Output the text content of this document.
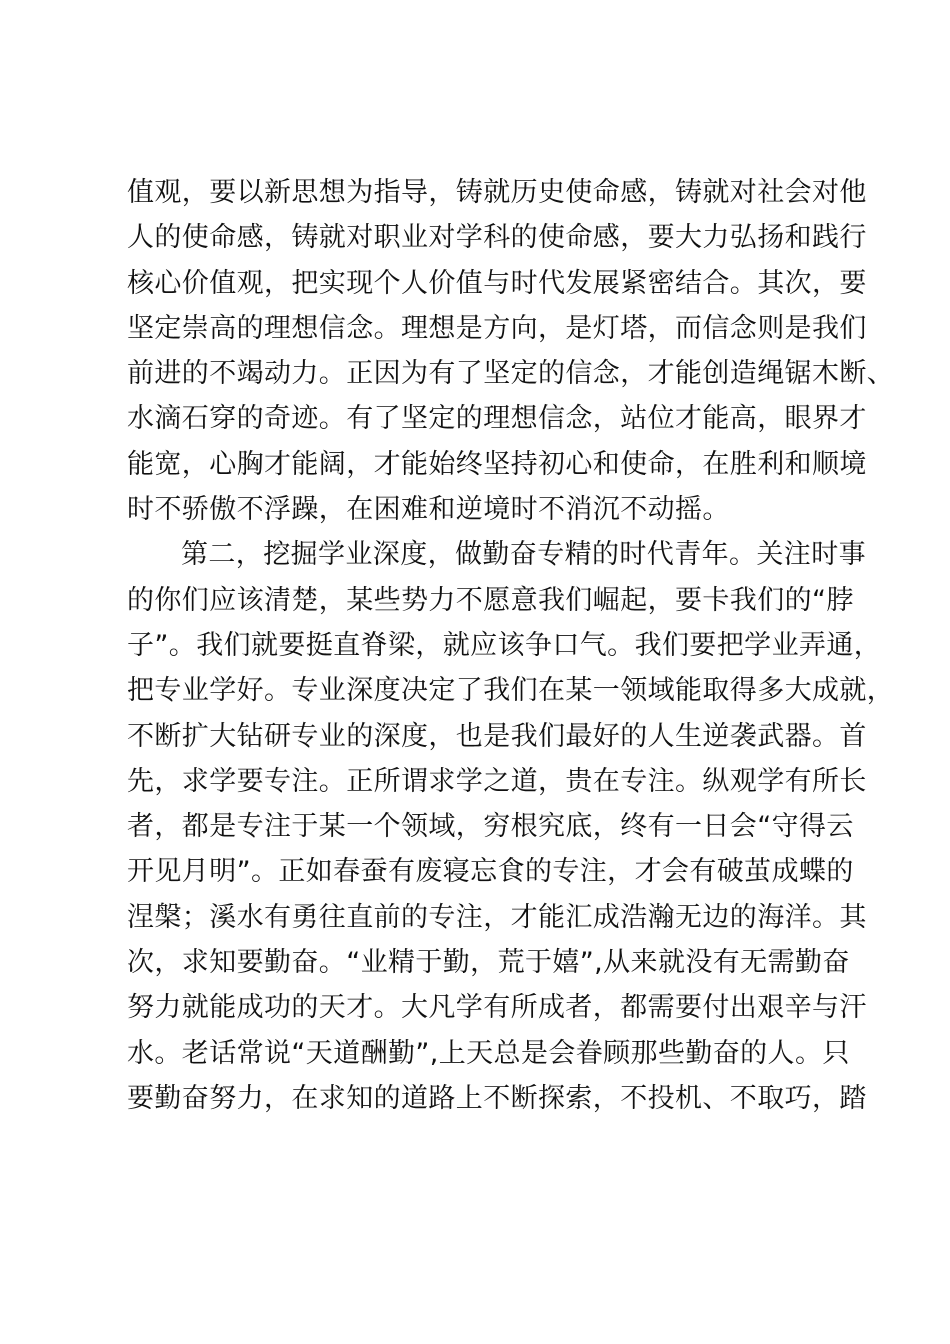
值观，要以新思想为指导，铸就历史使命感，铸就对社会对他
人的使命感，铸就对职业对学科的使命感，要大力弘扬和践行
核心价值观，把实现个人价值与时代发展紧密结合。其次，要
坚定崇高的理想信念。理想是方向，是灯塔，而信念则是我们
前进的不竭动力。正因为有了坚定的信念，才能创造绳锯木断、
水滴石穿的奇迹。有了坚定的理想信念，站位才能高，眼界才
能宽，心胸才能阔，才能始终坚持初心和使命，在胜利和顺境
时不骄傲不浮躁，在困难和逆境时不消沉不动摇。
第二，挖掘学业深度，做勤奋专精的时代青年。关注时事
的你们应该清楚，某些势力不愿意我们崛起，要卡我们的“脖
子”。我们就要挺直脊梁，就应该争口气。我们要把学业弄通，
把专业学好。专业深度决定了我们在某一领域能取得多大成就，
不断扩大钻研专业的深度，也是我们最好的人生逆袭武器。首
先，求学要专注。正所谓求学之道，贵在专注。纵观学有所长
者，都是专注于某一个领域，穷根究底，终有一日会“守得云
开见月明”。正如春蚕有废寝忘食的专注，才会有破茧成蝶的
涅槃；溪水有勇往直前的专注，才能汇成浩瀚无边的海洋。其
次，求知要勤奋。“业精于勤，荒于嬉”,从来就没有无需勤奋
努力就能成功的天才。大凡学有所成者，都需要付出艰辛与汗
水。老话常说“天道酬勤”,上天总是会眷顾那些勤奋的人。只
要勤奋努力，在求知的道路上不断探索，不投机、不取巧，踏
